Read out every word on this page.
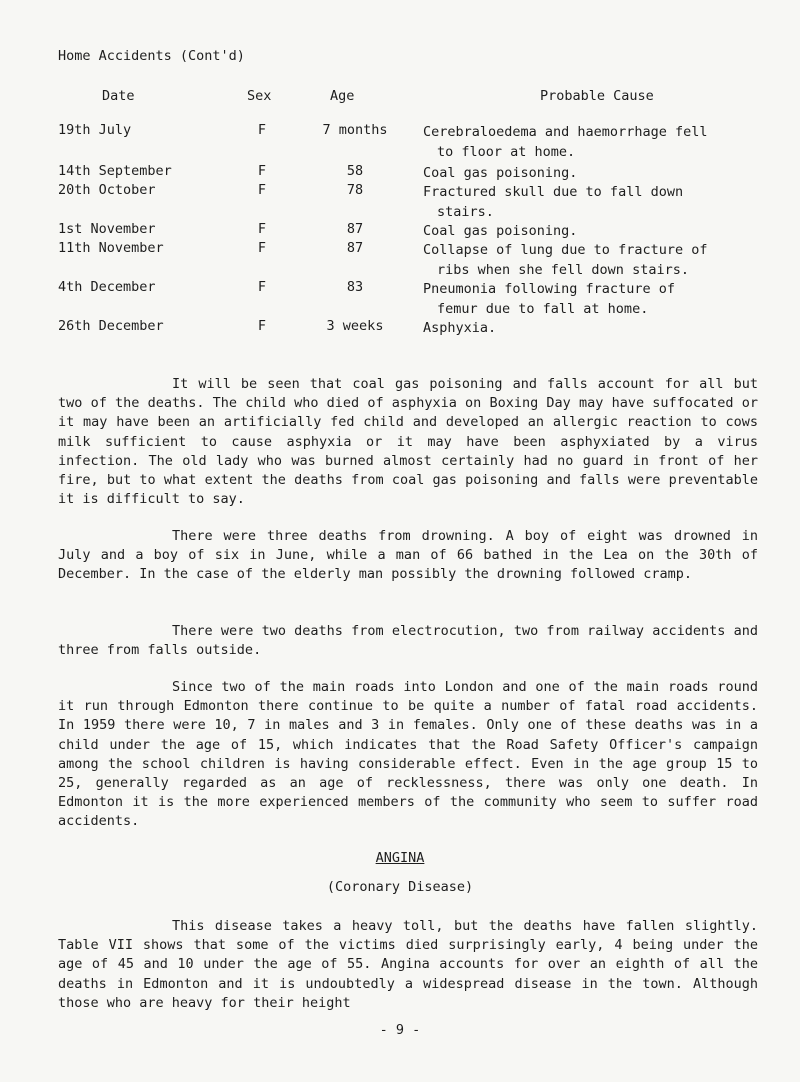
Home Accidents (Cont'd)
Date	Sex	Age	Probable Cause
19th July	F	7 months	Cerebraloedema and haemorrhage fell
to floor at home.
14th September	F	58	Coal gas poisoning.
20th October	F	78	Fractured skull due to fall down
stairs.
1st November	F	87	Coal gas poisoning.
11th November	F	87	Collapse of lung due to fracture of
ribs when she fell down stairs.
4th December	F	83	Pneumonia following fracture of
femur due to fall at home.
26th December	F	3 weeks	Asphyxia.

It will be seen that coal gas poisoning and falls account for all but two of the deaths. The child who died of asphyxia on Boxing Day may have suffocated or it may have been an artificially fed child and developed an allergic reaction to cows milk sufficient to cause asphyxia or it may have been asphyxiated by a virus infection. The old lady who was burned almost certainly had no guard in front of her fire, but to what extent the deaths from coal gas poisoning and falls were preventable it is difficult to say.

There were three deaths from drowning. A boy of eight was drowned in July and a boy of six in June, while a man of 66 bathed in the Lea on the 30th of December. In the case of the elderly man possibly the drowning followed cramp.

There were two deaths from electrocution, two from railway accidents and three from falls outside.

Since two of the main roads into London and one of the main roads round it run through Edmonton there continue to be quite a number of fatal road accidents. In 1959 there were 10, 7 in males and 3 in females. Only one of these deaths was in a child under the age of 15, which indicates that the Road Safety Officer's campaign among the school children is having considerable effect. Even in the age group 15 to 25, generally regarded as an age of recklessness, there was only one death. In Edmonton it is the more experienced members of the community who seem to suffer road accidents.

ANGINA
(Coronary Disease)

This disease takes a heavy toll, but the deaths have fallen slightly. Table VII shows that some of the victims died surprisingly early, 4 being under the age of 45 and 10 under the age of 55. Angina accounts for over an eighth of all the deaths in Edmonton and it is undoubtedly a widespread disease in the town. Although those who are heavy for their height

- 9 -
